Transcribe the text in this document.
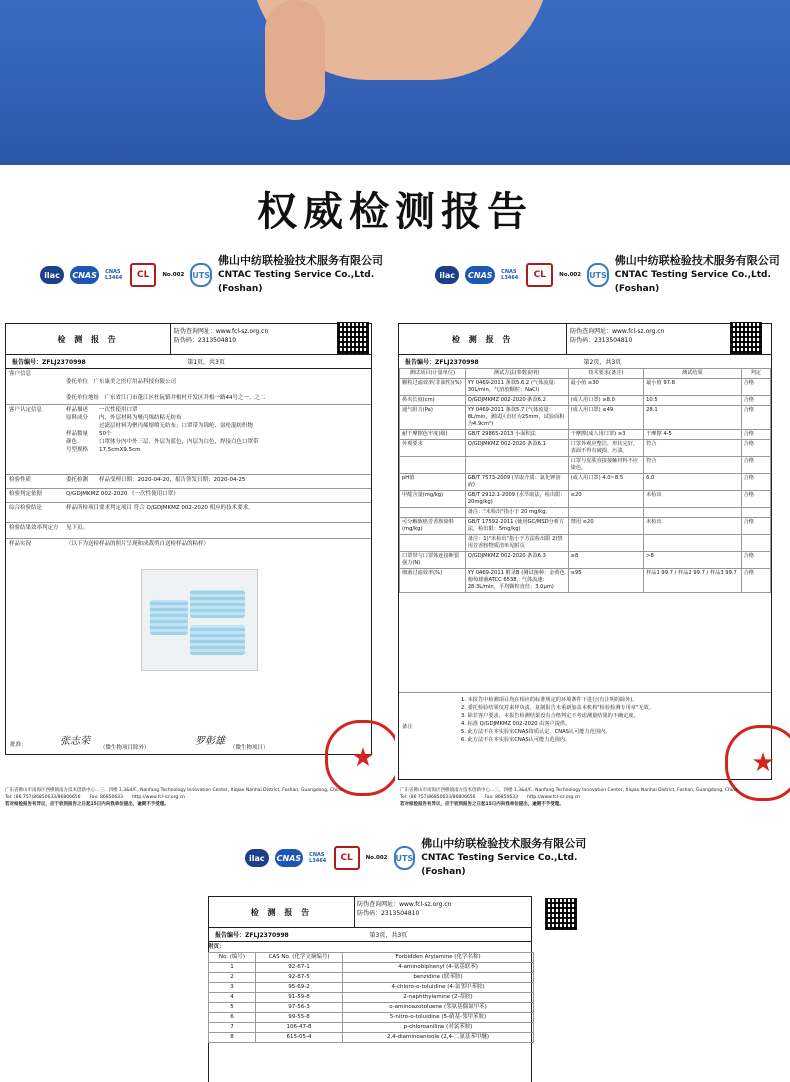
权威检测报告
ilac	CNAS	CNAS L3464	CL	No.002 UTS
佛山中纺联检验技术服务有限公司
CNTAC Testing Service Co.,Ltd.(Foshan)
检 测 报 告
防伪查询网址：www.fcl-sz.org.cn
防伪码：2313504810
报告编号：ZFLJ2370998	第1页，共3页
客户信息

委托单位　 广东康美之医疗用品科技有限公司

委托单位地址　 广东省江门市蓬江区杜阮镇井根村开发区井根一路44号之一、之二

客户认定信息	样品描述　　一次性使用口罩
原料成分　　内、外层材料为聚丙烯纺粘无纺布
　　　　　　过滤层材料为聚丙烯熔喷无纺布；口罩带为锦纶、氨纶混纺织物
样品数量　　50个
颜色　　　　口罩体分内中外三层，外层为蓝色，内层为白色，焊接白色口罩带
号型规格　　17.5cmX9.5cm
检验性质	委托检测　　样品受理日期：2020-04-20，报告签发日期：2020-04-25
检验判定依据	Q/GDJMKMZ 002-2020 《一次性使用口罩》
综合检验结论	样品所检项目要求判定项目 符合 Q/GDJMKMZ 002-2020 相应的技术要求。
检验结果效率判定方 见下页。
样品实况	（以下为送检样品的照片呈现和成裁剪自送检样品的粘样）
批准：	张志荣
（微生物项目除外）
罗彰雄
（微生物项目）	★
广东省佛山市南海区西樵镇南方技术创新中心…三、四楼 1,3&4/F., Nanfang Technology Innovation Center, Xiqiao Nanhai District, Foshan, Guangdong, China
Tel: (86 757)86850633/86806656　　Fax: 86850633　　http://www.fcl-sz.org.cn
若对检验报告有异议，应于收到报告之日起15日内向我单位提出，逾期不予受理。
ilac	CNAS	CNAS L3464	CL	No.002 UTS
佛山中纺联检验技术服务有限公司
CNTAC Testing Service Co.,Ltd.(Foshan)
检 测 报 告
防伪查询网址：www.fcl-sz.org.cn
防伪码：2313504810
报告编号：ZFLJ2370998	第2页，共3页
测试项目(计量单位)	测试方法(参数说明)	技术要求(备注)	测试结果	判定
颗粒过滤效率(非油性)(%)	YY 0469-2011 条款5.6.2 (气体流量：30L/min，气溶胶颗粒：NaCl)	最小值 ≥30	最小值 97.8	合格
鼻夹长度(cm)	Q/GDJMKMZ 002-2020 条款6.2	(成人用口罩) ≥8.0	10.5	合格
通气阻力(Pa)	YY 0469-2011 条款5.7 (气体流量：8L/min，测试区直径为25mm，试验面积为4.9cm²)	(成人用口罩) ≤49	28.1	合格
耐干摩擦色牢度(级)	GB/T 29865-2013 小面积法	干摩擦(成人用口罩) ≥3	干摩擦 4-5	合格
外观要求	Q/GDJMKMZ 002-2020 条款6.1	口罩外观应整洁，形状完好，表面不得有破损、污渍。	符合	合格
		口罩与皮肤直接接触材料不应染色。	符合	合格
pH值	GB/T 7573-2009 (萃取介质：氯化钾溶液)	(成人用口罩) 4.0~8.5	6.0	合格
甲醛含量(mg/kg)	GB/T 2912.1-2009 (水萃取法，检出限：20mg/kg)	≤20	未检出	合格
	备注："未检出"指小于 20 mg/kg。			
可分解致癌芳香胺染料(mg/kg)	GB/T 17592-2011 (使用GC/MSD分析方法，检出限：5mg/kg)	禁用 ≤20	未检出	合格
	备注：1)"未检出"指小于方法检出限 2)禁用芳香胺物质清单见附页			
口罩带与口罩体连接断裂强力(N)	Q/GDJMKMZ 002-2020 条款6.3	≥8	>8	合格
细菌过滤效率(%)	YY 0469-2011 附录B (测试菌种：金黄色葡萄球菌ATCC 6538，气体流速：28.3L/min，平均颗粒直径：3.0μm)	≥95	样品1 99.7 / 样品2 99.7 / 样品3 99.7	合格
备注
1. 本报告中检测项目均在相应的标准规定的环境条件下进行(有注明的除外)。
2. 委托检验结果仅对来样负责，复制报告未重新加盖本机构"检验检测专用章"无效。
3. 除非客户要求，本报告检测结果没有合格判定不考虑测量结果的不确定度。
4. 标准 Q/GDJMKMZ 002-2020 由客户提供。
5. 此方法不在本实验室CNAS资质认定、CNAS认可能力范围内。
6. 此方法不在本实验室CNAS认可能力范围内。
★
广东省佛山市南海区西樵镇南方技术创新中心…三、四楼 1,3&4/F., Nanfang Technology Innovation Center, Xiqiao Nanhai District, Foshan, Guangdong, China
Tel: (86 757)86850633/86806656　　Fax: 86850633　　http://www.fcl-sz.org.cn
若对检验报告有异议，应于收到报告之日起15日内向我单位提出，逾期不予受理。
ilac	CNAS	CNAS L3464	CL	No.002 UTS
佛山中纺联检验技术服务有限公司
CNTAC Testing Service Co.,Ltd.(Foshan)
检 测 报 告
防伪查询网址：www.fcl-sz.org.cn
防伪码：2313504810
报告编号：ZFLJ2370998	第3页，共3页
附页：
No. (编号)	CAS No. (化学文摘编号)	Forbidden Arylamine (化学名称)
1	92-67-1	4-aminobiphenyl (4-氨基联苯)
2	92-87-5	benzidine (联苯胺)
3	95-69-2	4-chloro-o-toluidine (4-氯邻甲苯胺)
4	91-59-8	2-naphthylamine (2-萘胺)
5	97-56-3	o-aminoazotoluene (邻氨基偶氮甲苯)
6	99-55-8	5-nitro-o-toluidine (5-硝基-邻甲苯胺)
7	106-47-8	p-chloroaniline (对氯苯胺)
8	615-05-4	2,4-diaminoanisole (2,4-二氨基苯甲醚)
